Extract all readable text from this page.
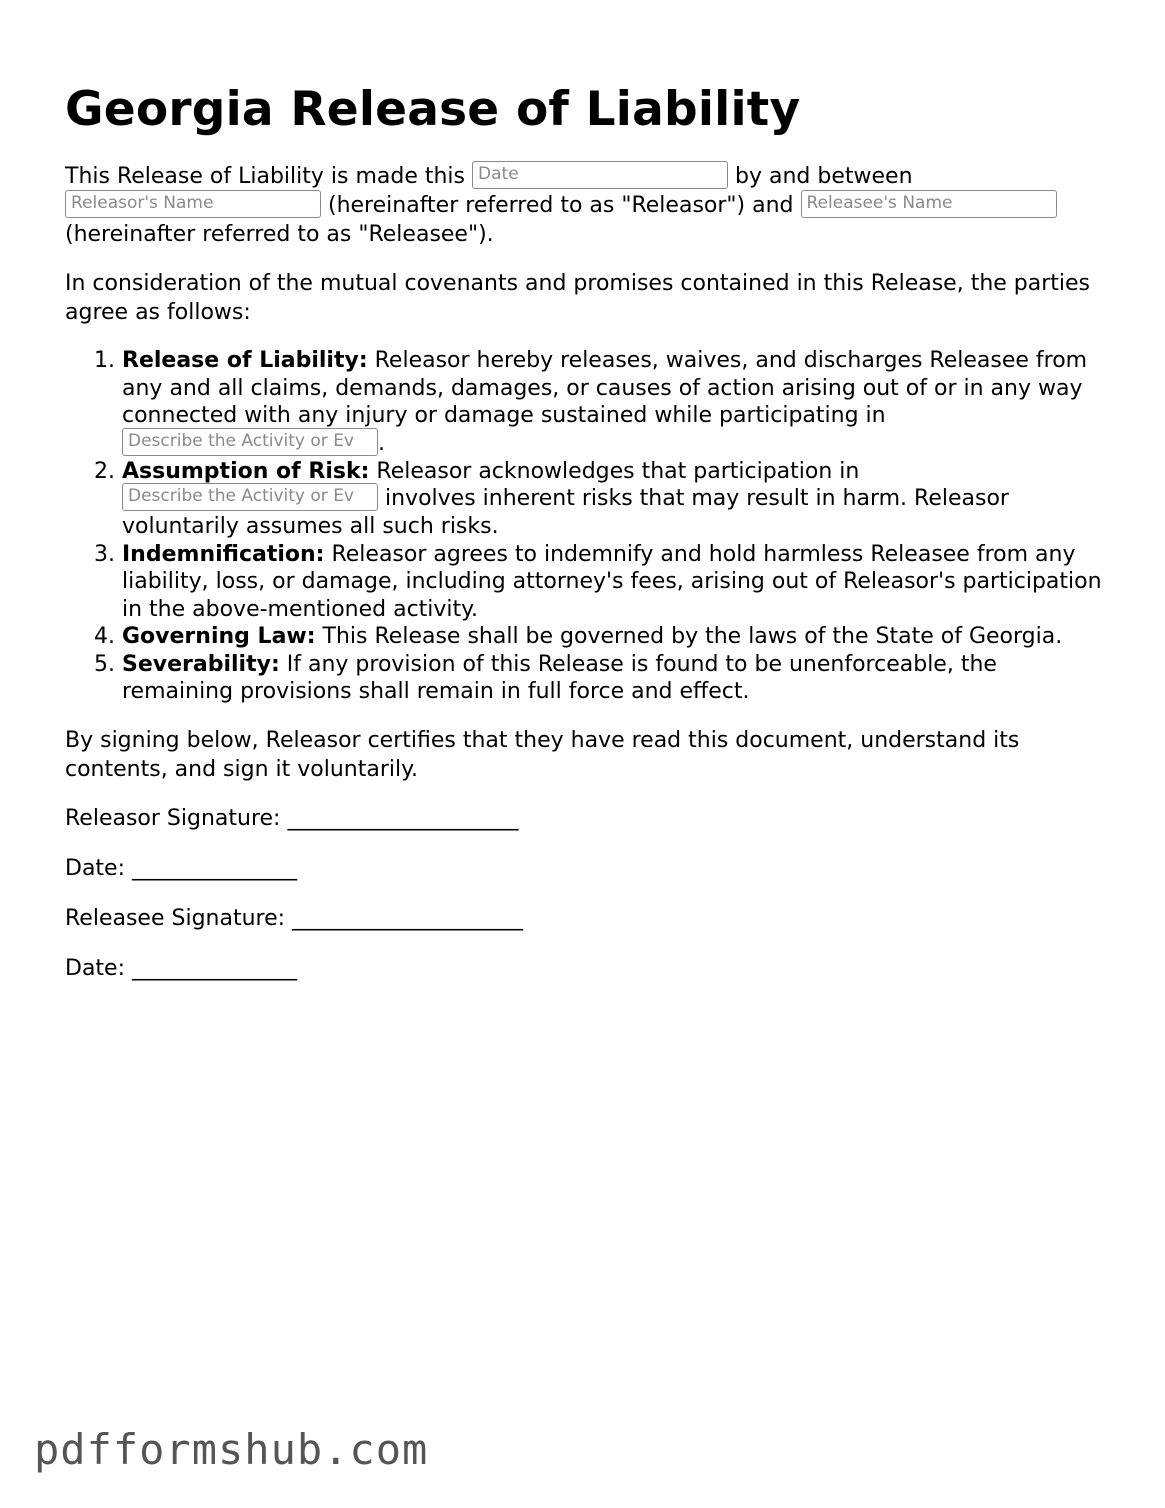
Georgia Release of Liability

This Release of Liability is made this Date	by and between Releasor's Name	(hereinafter referred to as "Releasor") and Releasee's Name (hereinafter referred to as "Releasee").

In consideration of the mutual covenants and promises contained in this Release, the parties agree as follows:

1. Release of Liability: Releasor hereby releases, waives, and discharges Releasee from any and all claims, demands, damages, or causes of action arising out of or in any way connected with any injury or damage sustained while participating in Describe the Activity or Ev .
2. Assumption of Risk: Releasor acknowledges that participation in Describe the Activity or Ev involves inherent risks that may result in harm. Releasor voluntarily assumes all such risks.
3. Indemnification: Releasor agrees to indemnify and hold harmless Releasee from any liability, loss, or damage, including attorney's fees, arising out of Releasor's participation in the above-mentioned activity.
4. Governing Law: This Release shall be governed by the laws of the State of Georgia.
5. Severability: If any provision of this Release is found to be unenforceable, the remaining provisions shall remain in full force and effect.

By signing below, Releasor certifies that they have read this document, understand its contents, and sign it voluntarily.

Releasor Signature: _____________________
Date: _______________
Releasee Signature: _____________________
Date: _______________
pdfformshub.com
